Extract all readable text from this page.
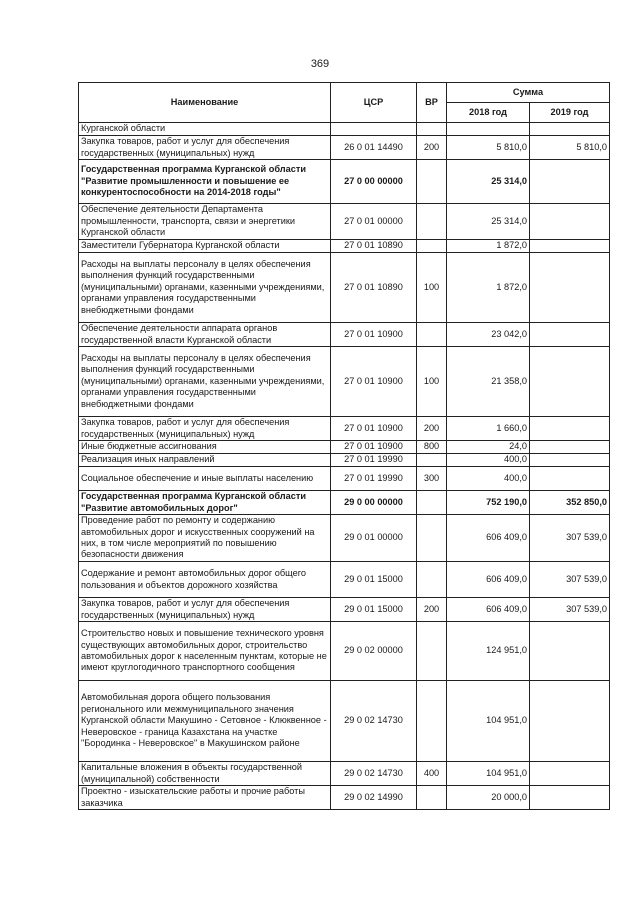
369
Наименование	ЦСР	ВР	Сумма	
			2018 год	2019 год
Курганской области				
Закупка товаров, работ и услуг для обеспечения государственных (муниципальных) нужд	26 0 01 14490	200	5 810,0	5 810,0
Государственная программа Курганской области "Развитие промышленности и повышение ее конкурентоспособности на 2014-2018 годы"	27 0 00 00000		25 314,0	
Обеспечение деятельности Департамента промышленности, транспорта, связи и энергетики Курганской области	27 0 01 00000		25 314,0	
Заместители Губернатора Курганской области	27 0 01 10890		1 872,0	
Расходы на выплаты персоналу в целях обеспечения выполнения функций государственными (муниципальными) органами, казенными учреждениями, органами управления государственными внебюджетными фондами	27 0 01 10890	100	1 872,0	
Обеспечение деятельности аппарата органов государственной власти Курганской области	27 0 01 10900		23 042,0	
Расходы на выплаты персоналу в целях обеспечения выполнения функций государственными (муниципальными) органами, казенными учреждениями, органами управления государственными внебюджетными фондами	27 0 01 10900	100	21 358,0	
Закупка товаров, работ и услуг для обеспечения государственных (муниципальных) нужд	27 0 01 10900	200	1 660,0	
Иные бюджетные ассигнования	27 0 01 10900	800	24,0	
Реализация иных направлений	27 0 01 19990		400,0	
Социальное обеспечение и иные выплаты населению	27 0 01 19990	300	400,0	
Государственная программа Курганской области "Развитие автомобильных дорог"	29 0 00 00000		752 190,0	352 850,0
Проведение работ по ремонту и содержанию автомобильных дорог и искусственных сооружений на них, в том числе мероприятий по повышению безопасности движения	29 0 01 00000		606 409,0	307 539,0
Содержание и ремонт автомобильных дорог общего пользования и объектов дорожного хозяйства	29 0 01 15000		606 409,0	307 539,0
Закупка товаров, работ и услуг для обеспечения государственных (муниципальных) нужд	29 0 01 15000	200	606 409,0	307 539,0
Строительство новых и повышение технического уровня существующих автомобильных дорог, строительство автомобильных дорог к населенным пунктам, которые не имеют круглогодичного транспортного сообщения	29 0 02 00000		124 951,0	
Автомобильная дорога общего пользования регионального или межмуниципального значения Курганской области Макушино - Сетовное - Клюквенное - Неверовское - граница Казахстана на участке "Бородинка - Неверовское" в Макушинском районе	29 0 02 14730		104 951,0	
Капитальные вложения в объекты государственной (муниципальной) собственности	29 0 02 14730	400	104 951,0	
Проектно - изыскательские работы и прочие работы заказчика	29 0 02 14990		20 000,0	
